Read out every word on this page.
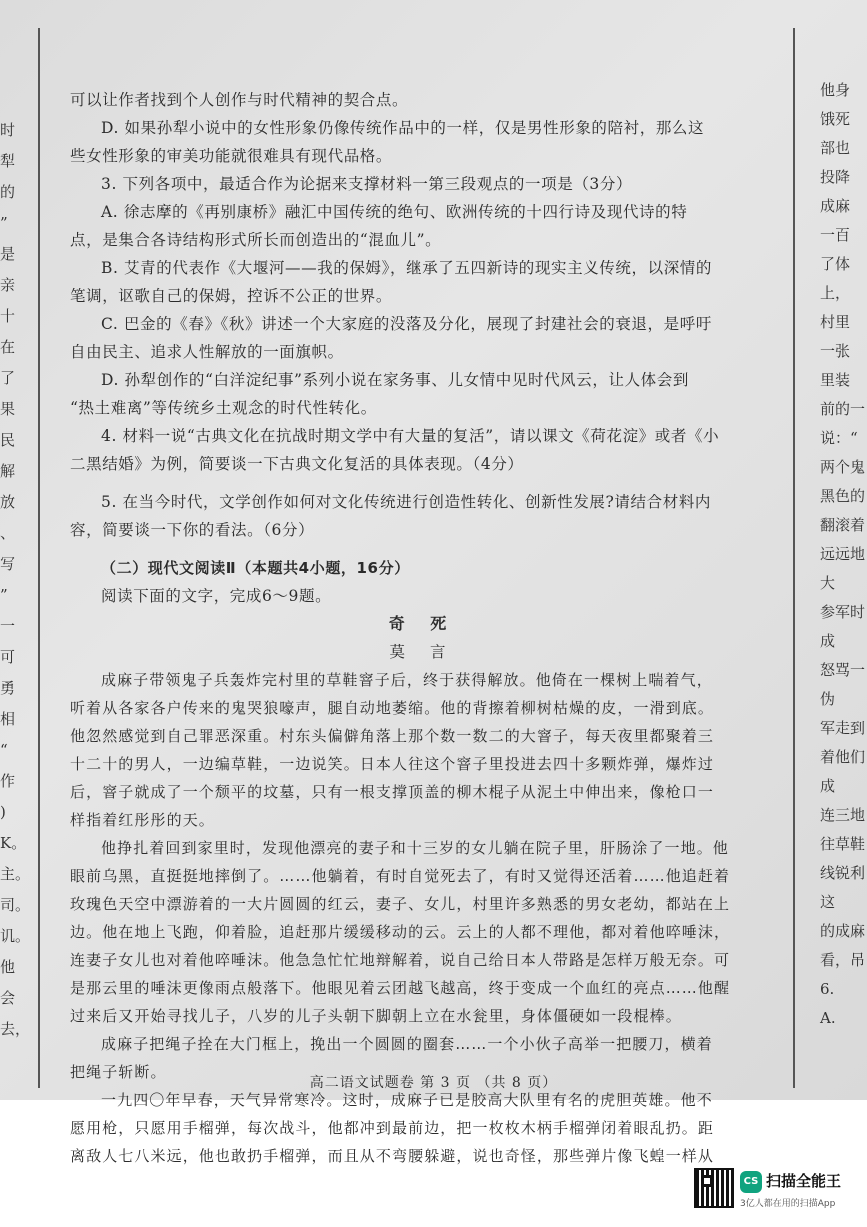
时
犁
的
”
是
亲
十
在
了
果
民
解
放
、
写
”
一
可
勇
相
“
作
)
K。
主。
司。
讥。
他
会
去，
他身
饿死
部也
投降
成麻
一百
了体
上，
村里
一张
里装
前的一
说：“
两个鬼
黑色的
翻滚着
远远地
大
参军时
成
怒骂一
伪
军走到
着他们
成
连三地
往草鞋
线锐利
这
的成麻
看，吊
6.
A.
可以让作者找到个人创作与时代精神的契合点。
D. 如果孙犁小说中的女性形象仍像传统作品中的一样，仅是男性形象的陪衬，那么这
些女性形象的审美功能就很难具有现代品格。
3. 下列各项中，最适合作为论据来支撑材料一第三段观点的一项是（3分）
A. 徐志摩的《再别康桥》融汇中国传统的绝句、欧洲传统的十四行诗及现代诗的特
点，是集合各诗结构形式所长而创造出的“混血儿”。
B. 艾青的代表作《大堰河——我的保姆》，继承了五四新诗的现实主义传统，以深情的
笔调，讴歌自己的保姆，控诉不公正的世界。
C. 巴金的《春》《秋》讲述一个大家庭的没落及分化，展现了封建社会的衰退，是呼吁
自由民主、追求人性解放的一面旗帜。
D. 孙犁创作的“白洋淀纪事”系列小说在家务事、儿女情中见时代风云，让人体会到
“热土难离”等传统乡土观念的时代性转化。
4. 材料一说“古典文化在抗战时期文学中有大量的复活”，请以课文《荷花淀》或者《小
二黑结婚》为例，简要谈一下古典文化复活的具体表现。（4分）
5. 在当今时代，文学创作如何对文化传统进行创造性转化、创新性发展?请结合材料内
容，简要谈一下你的看法。（6分）
（二）现代文阅读Ⅱ（本题共4小题，16分）
阅读下面的文字，完成6～9题。
奇 死
莫 言
成麻子带领鬼子兵轰炸完村里的草鞋窨子后，终于获得解放。他倚在一棵树上喘着气，
听着从各家各户传来的鬼哭狼嚎声，腿自动地萎缩。他的背擦着柳树枯燥的皮，一滑到底。
他忽然感觉到自己罪恶深重。村东头偏僻角落上那个数一数二的大窨子，每天夜里都聚着三
十二十的男人，一边编草鞋，一边说笑。日本人往这个窨子里投进去四十多颗炸弹，爆炸过
后，窨子就成了一个颓平的坟墓，只有一根支撑顶盖的柳木棍子从泥土中伸出来，像枪口一
样指着红彤彤的天。
他挣扎着回到家里时，发现他漂亮的妻子和十三岁的女儿躺在院子里，肝肠涂了一地。他
眼前乌黑，直挺挺地摔倒了。……他躺着，有时自觉死去了，有时又觉得还活着……他追赶着
玫瑰色天空中漂游着的一大片圆圆的红云，妻子、女儿，村里许多熟悉的男女老幼，都站在上
边。他在地上飞跑，仰着脸，追赶那片缓缓移动的云。云上的人都不理他，都对着他啐唾沫，
连妻子女儿也对着他啐唾沫。他急急忙忙地辩解着，说自己给日本人带路是怎样万般无奈。可
是那云里的唾沫更像雨点般落下。他眼见着云团越飞越高，终于变成一个血红的亮点……他醒
过来后又开始寻找儿子，八岁的儿子头朝下脚朝上立在水瓮里，身体僵硬如一段棍棒。
成麻子把绳子拴在大门框上，挽出一个圆圆的圈套……一个小伙子高举一把腰刀，横着
把绳子斩断。
一九四〇年早春，天气异常寒冷。这时，成麻子已是胶高大队里有名的虎胆英雄。他不
愿用枪，只愿用手榴弹，每次战斗，他都冲到最前边，把一枚枚木柄手榴弹闭着眼乱扔。距
离敌人七八米远，他也敢扔手榴弹，而且从不弯腰躲避，说也奇怪，那些弹片像飞蝗一样从
高二语文试题卷 第 3 页 （共 8 页）
CS 扫描全能王
3亿人都在用的扫描App
